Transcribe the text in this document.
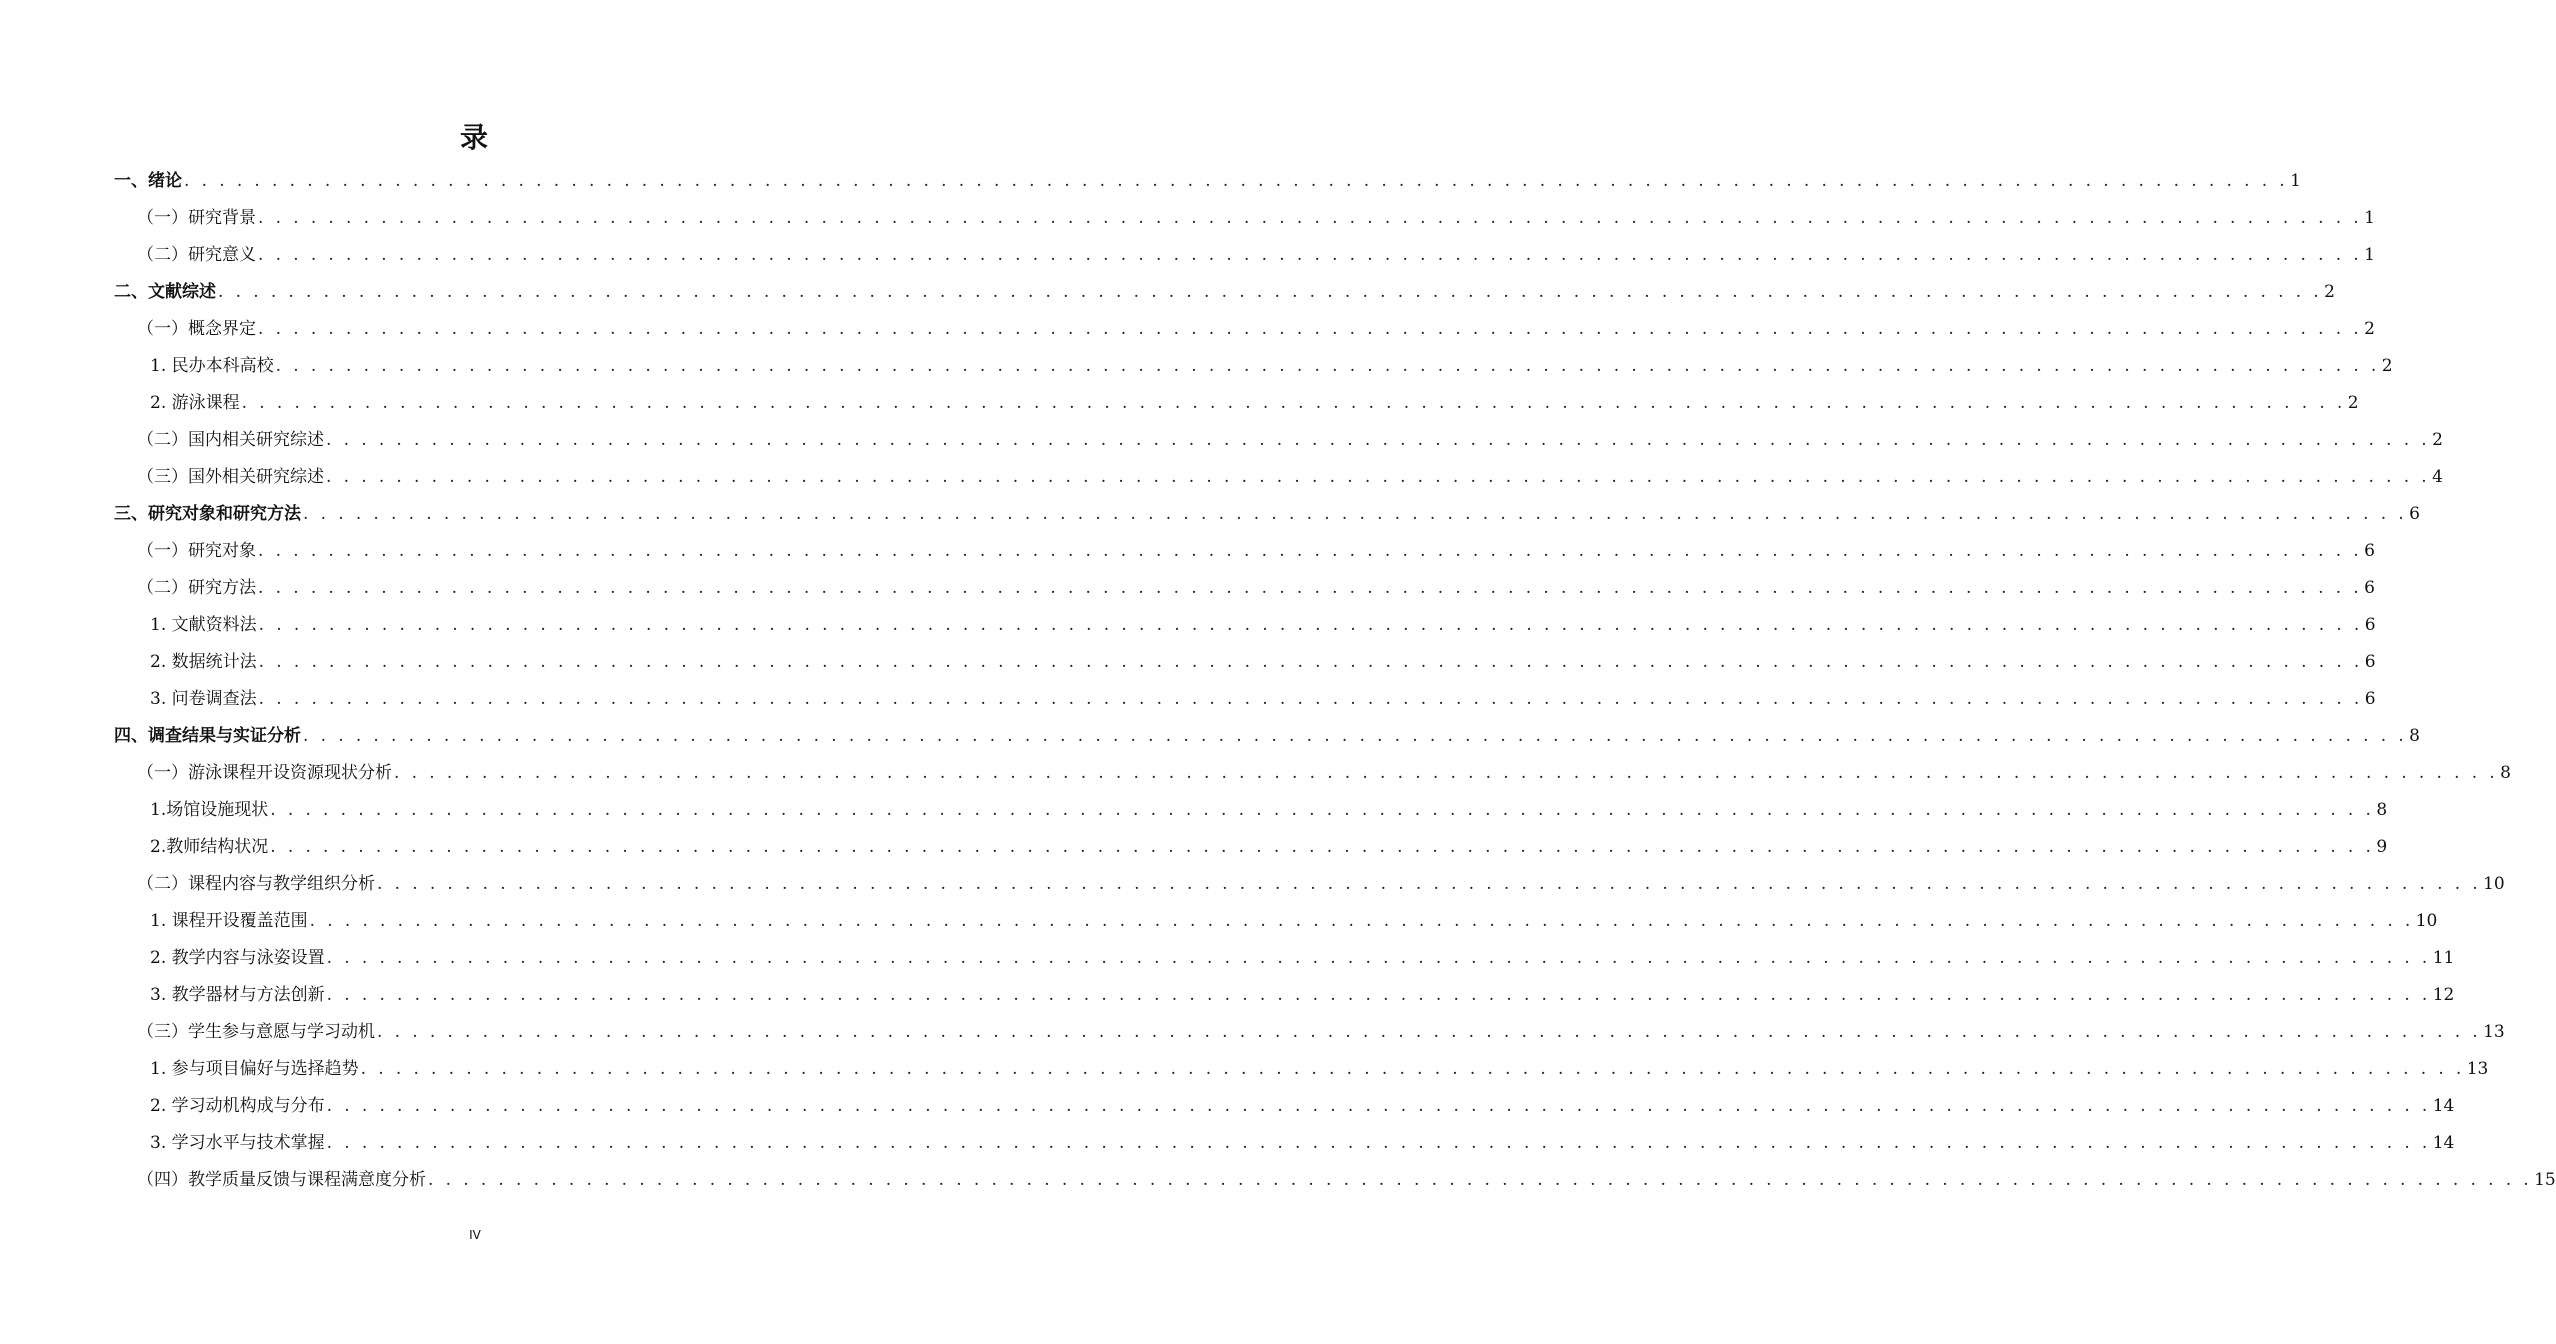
录
一、绪论 . . . . . . . . . . . . . . . . . . . . . . . . . . . . . . . . . . . . . . . . . . . . . . . . . . . . . . . . . . . . . . . . . . . . . . . . . . . . . . . . . . . . . . . . . . . . . . . . . . . . . . . . . . . . . . . . . . . . . . . . 1
（一）研究背景 . . . . . . . . . . . . . . . . . . . . . . . . . . . . . . . . . . . . . . . . . . . . . . . . . . . . . . . . . . . . . . . . . . . . . . . . . . . . . . . . . . . . . . . . . . . . . . . . . . . . . . . . . . . . . . . . . . . . . . . . 1
（二）研究意义 . . . . . . . . . . . . . . . . . . . . . . . . . . . . . . . . . . . . . . . . . . . . . . . . . . . . . . . . . . . . . . . . . . . . . . . . . . . . . . . . . . . . . . . . . . . . . . . . . . . . . . . . . . . . . . . . . . . . . . . . 1
二、文献综述 . . . . . . . . . . . . . . . . . . . . . . . . . . . . . . . . . . . . . . . . . . . . . . . . . . . . . . . . . . . . . . . . . . . . . . . . . . . . . . . . . . . . . . . . . . . . . . . . . . . . . . . . . . . . . . . . . . . . . . . . 2
（一）概念界定 . . . . . . . . . . . . . . . . . . . . . . . . . . . . . . . . . . . . . . . . . . . . . . . . . . . . . . . . . . . . . . . . . . . . . . . . . . . . . . . . . . . . . . . . . . . . . . . . . . . . . . . . . . . . . . . . . . . . . . . . 2
1. 民办本科高校 . . . . . . . . . . . . . . . . . . . . . . . . . . . . . . . . . . . . . . . . . . . . . . . . . . . . . . . . . . . . . . . . . . . . . . . . . . . . . . . . . . . . . . . . . . . . . . . . . . . . . . . . . . . . . . . . . . . . . . . . 2
2. 游泳课程 . . . . . . . . . . . . . . . . . . . . . . . . . . . . . . . . . . . . . . . . . . . . . . . . . . . . . . . . . . . . . . . . . . . . . . . . . . . . . . . . . . . . . . . . . . . . . . . . . . . . . . . . . . . . . . . . . . . . . . . . 2
（二）国内相关研究综述 . . . . . . . . . . . . . . . . . . . . . . . . . . . . . . . . . . . . . . . . . . . . . . . . . . . . . . . . . . . . . . . . . . . . . . . . . . . . . . . . . . . . . . . . . . . . . . . . . . . . . . . . . . . . . . . . . . . . . . . . 2
（三）国外相关研究综述 . . . . . . . . . . . . . . . . . . . . . . . . . . . . . . . . . . . . . . . . . . . . . . . . . . . . . . . . . . . . . . . . . . . . . . . . . . . . . . . . . . . . . . . . . . . . . . . . . . . . . . . . . . . . . . . . . . . . . . . . 4
三、研究对象和研究方法 . . . . . . . . . . . . . . . . . . . . . . . . . . . . . . . . . . . . . . . . . . . . . . . . . . . . . . . . . . . . . . . . . . . . . . . . . . . . . . . . . . . . . . . . . . . . . . . . . . . . . . . . . . . . . . . . . . . . . . . . 6
（一）研究对象 . . . . . . . . . . . . . . . . . . . . . . . . . . . . . . . . . . . . . . . . . . . . . . . . . . . . . . . . . . . . . . . . . . . . . . . . . . . . . . . . . . . . . . . . . . . . . . . . . . . . . . . . . . . . . . . . . . . . . . . . 6
（二）研究方法 . . . . . . . . . . . . . . . . . . . . . . . . . . . . . . . . . . . . . . . . . . . . . . . . . . . . . . . . . . . . . . . . . . . . . . . . . . . . . . . . . . . . . . . . . . . . . . . . . . . . . . . . . . . . . . . . . . . . . . . . 6
1. 文献资料法 . . . . . . . . . . . . . . . . . . . . . . . . . . . . . . . . . . . . . . . . . . . . . . . . . . . . . . . . . . . . . . . . . . . . . . . . . . . . . . . . . . . . . . . . . . . . . . . . . . . . . . . . . . . . . . . . . . . . . . . . 6
2. 数据统计法 . . . . . . . . . . . . . . . . . . . . . . . . . . . . . . . . . . . . . . . . . . . . . . . . . . . . . . . . . . . . . . . . . . . . . . . . . . . . . . . . . . . . . . . . . . . . . . . . . . . . . . . . . . . . . . . . . . . . . . . . 6
3. 问卷调查法 . . . . . . . . . . . . . . . . . . . . . . . . . . . . . . . . . . . . . . . . . . . . . . . . . . . . . . . . . . . . . . . . . . . . . . . . . . . . . . . . . . . . . . . . . . . . . . . . . . . . . . . . . . . . . . . . . . . . . . . . 6
四、调查结果与实证分析 . . . . . . . . . . . . . . . . . . . . . . . . . . . . . . . . . . . . . . . . . . . . . . . . . . . . . . . . . . . . . . . . . . . . . . . . . . . . . . . . . . . . . . . . . . . . . . . . . . . . . . . . . . . . . . . . . . . . . . . . 8
（一）游泳课程开设资源现状分析 . . . . . . . . . . . . . . . . . . . . . . . . . . . . . . . . . . . . . . . . . . . . . . . . . . . . . . . . . . . . . . . . . . . . . . . . . . . . . . . . . . . . . . . . . . . . . . . . . . . . . . . . . . . . . . . . . . . . . . . . 8
1.场馆设施现状 . . . . . . . . . . . . . . . . . . . . . . . . . . . . . . . . . . . . . . . . . . . . . . . . . . . . . . . . . . . . . . . . . . . . . . . . . . . . . . . . . . . . . . . . . . . . . . . . . . . . . . . . . . . . . . . . . . . . . . . . 8
2.教师结构状况 . . . . . . . . . . . . . . . . . . . . . . . . . . . . . . . . . . . . . . . . . . . . . . . . . . . . . . . . . . . . . . . . . . . . . . . . . . . . . . . . . . . . . . . . . . . . . . . . . . . . . . . . . . . . . . . . . . . . . . . . 9
（二）课程内容与教学组织分析 . . . . . . . . . . . . . . . . . . . . . . . . . . . . . . . . . . . . . . . . . . . . . . . . . . . . . . . . . . . . . . . . . . . . . . . . . . . . . . . . . . . . . . . . . . . . . . . . . . . . . . . . . . . . . . . . . . . . . . . . 10
1. 课程开设覆盖范围 . . . . . . . . . . . . . . . . . . . . . . . . . . . . . . . . . . . . . . . . . . . . . . . . . . . . . . . . . . . . . . . . . . . . . . . . . . . . . . . . . . . . . . . . . . . . . . . . . . . . . . . . . . . . . . . . . . . . . . . . 10
2. 教学内容与泳姿设置 . . . . . . . . . . . . . . . . . . . . . . . . . . . . . . . . . . . . . . . . . . . . . . . . . . . . . . . . . . . . . . . . . . . . . . . . . . . . . . . . . . . . . . . . . . . . . . . . . . . . . . . . . . . . . . . . . . . . . . . . 11
3. 教学器材与方法创新 . . . . . . . . . . . . . . . . . . . . . . . . . . . . . . . . . . . . . . . . . . . . . . . . . . . . . . . . . . . . . . . . . . . . . . . . . . . . . . . . . . . . . . . . . . . . . . . . . . . . . . . . . . . . . . . . . . . . . . . . 12
（三）学生参与意愿与学习动机 . . . . . . . . . . . . . . . . . . . . . . . . . . . . . . . . . . . . . . . . . . . . . . . . . . . . . . . . . . . . . . . . . . . . . . . . . . . . . . . . . . . . . . . . . . . . . . . . . . . . . . . . . . . . . . . . . . . . . . . . 13
1. 参与项目偏好与选择趋势 . . . . . . . . . . . . . . . . . . . . . . . . . . . . . . . . . . . . . . . . . . . . . . . . . . . . . . . . . . . . . . . . . . . . . . . . . . . . . . . . . . . . . . . . . . . . . . . . . . . . . . . . . . . . . . . . . . . . . . . . 13
2. 学习动机构成与分布 . . . . . . . . . . . . . . . . . . . . . . . . . . . . . . . . . . . . . . . . . . . . . . . . . . . . . . . . . . . . . . . . . . . . . . . . . . . . . . . . . . . . . . . . . . . . . . . . . . . . . . . . . . . . . . . . . . . . . . . . 14
3. 学习水平与技术掌握 . . . . . . . . . . . . . . . . . . . . . . . . . . . . . . . . . . . . . . . . . . . . . . . . . . . . . . . . . . . . . . . . . . . . . . . . . . . . . . . . . . . . . . . . . . . . . . . . . . . . . . . . . . . . . . . . . . . . . . . . 14
（四）教学质量反馈与课程满意度分析 . . . . . . . . . . . . . . . . . . . . . . . . . . . . . . . . . . . . . . . . . . . . . . . . . . . . . . . . . . . . . . . . . . . . . . . . . . . . . . . . . . . . . . . . . . . . . . . . . . . . . . . . . . . . . . . . . . . . . . . . 15
IV
